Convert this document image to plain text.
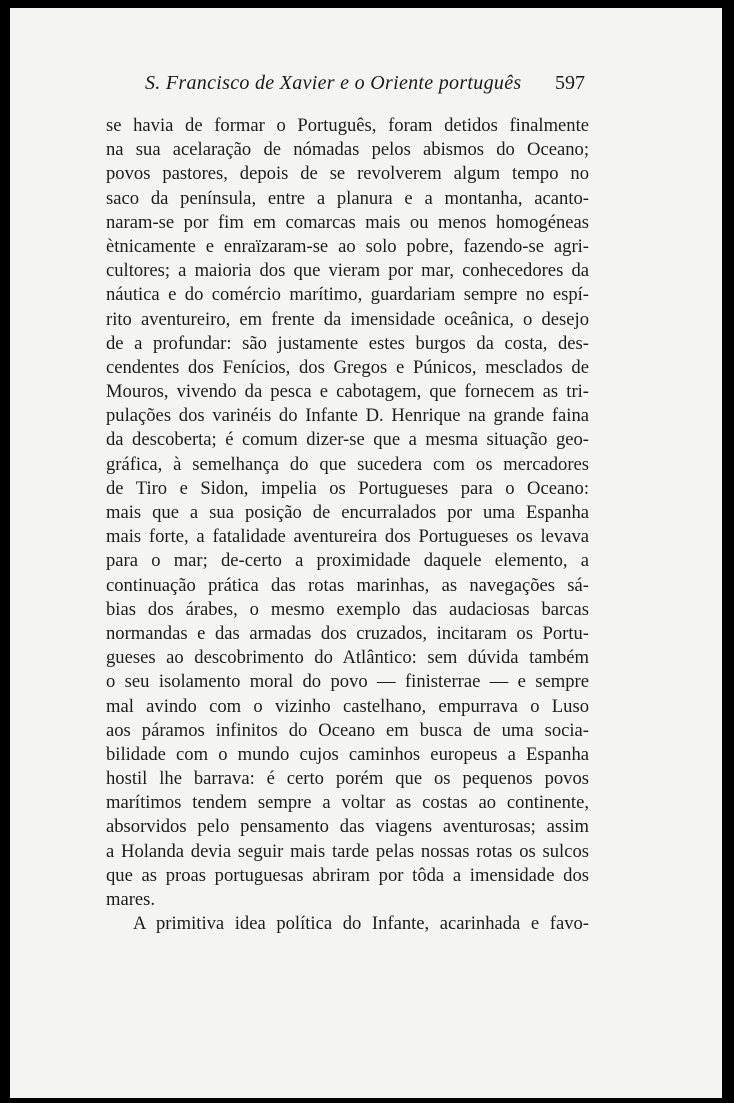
S. Francisco de Xavier e o Oriente português 597
se havia de formar o Português, foram detidos finalmente
na sua acelaração de nómadas pelos abismos do Oceano;
povos pastores, depois de se revolverem algum tempo no
saco da península, entre a planura e a montanha, acanto-
naram-se por fim em comarcas mais ou menos homogéneas
ètnicamente e enraïzaram-se ao solo pobre, fazendo-se agri-
cultores; a maioria dos que vieram por mar, conhecedores da
náutica e do comércio marítimo, guardariam sempre no espí-
rito aventureiro, em frente da imensidade oceânica, o desejo
de a profundar: são justamente estes burgos da costa, des-
cendentes dos Fenícios, dos Gregos e Púnicos, mesclados de
Mouros, vivendo da pesca e cabotagem, que fornecem as tri-
pulações dos varinéis do Infante D. Henrique na grande faina
da descoberta; é comum dizer-se que a mesma situação geo-
gráfica, à semelhança do que sucedera com os mercadores
de Tiro e Sidon, impelia os Portugueses para o Oceano:
mais que a sua posição de encurralados por uma Espanha
mais forte, a fatalidade aventureira dos Portugueses os levava
para o mar; de-certo a proximidade daquele elemento, a
continuação prática das rotas marinhas, as navegações sá-
bias dos árabes, o mesmo exemplo das audaciosas barcas
normandas e das armadas dos cruzados, incitaram os Portu-
gueses ao descobrimento do Atlântico: sem dúvida também
o seu isolamento moral do povo — finisterrae — e sempre
mal avindo com o vizinho castelhano, empurrava o Luso
aos páramos infinitos do Oceano em busca de uma socia-
bilidade com o mundo cujos caminhos europeus a Espanha
hostil lhe barrava: é certo porém que os pequenos povos
marítimos tendem sempre a voltar as costas ao continente,
absorvidos pelo pensamento das viagens aventurosas; assim
a Holanda devia seguir mais tarde pelas nossas rotas os sulcos
que as proas portuguesas abriram por tôda a imensidade dos
mares.
A primitiva idea política do Infante, acarinhada e favo-
